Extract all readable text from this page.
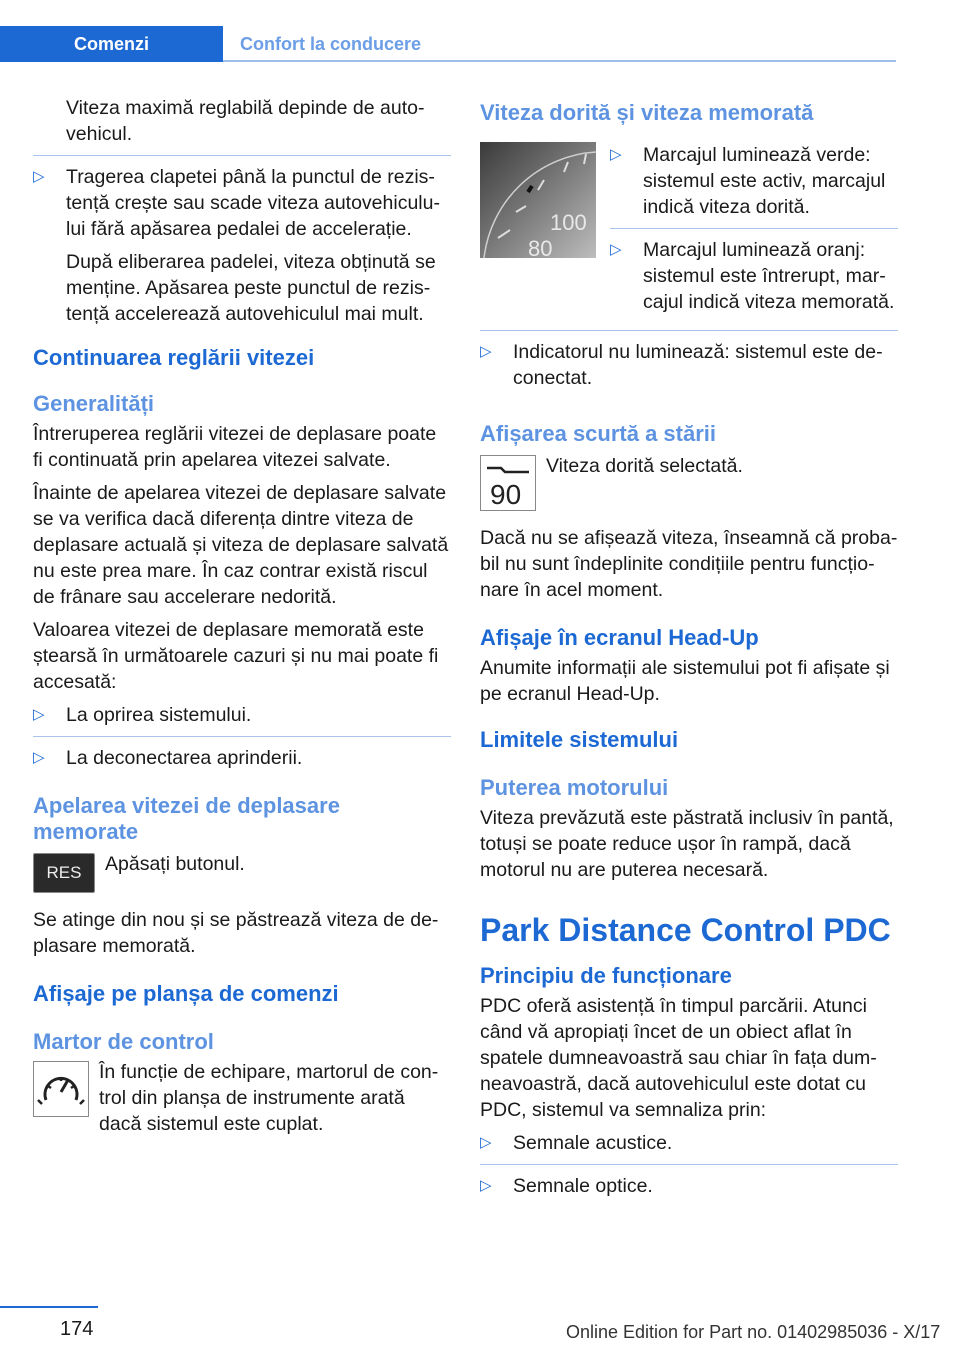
Comenzi	Confort la conducere

Viteza maximă reglabilă depinde de auto-vehicul.

▷ Tragerea clapetei până la punctul de rezis-tență crește sau scade viteza autovehiculu-lui fără apăsarea pedalei de accelerație.

După eliberarea padelei, viteza obținută se menține. Apăsarea peste punctul de rezis-tență accelerează autovehiculul mai mult.

Continuarea reglării vitezei
Generalități

Întreruperea reglării vitezei de deplasare poate fi continuată prin apelarea vitezei salvate.

Înainte de apelarea vitezei de deplasare salvate se va verifica dacă diferența dintre viteza de deplasare actuală și viteza de deplasare salvată nu este prea mare. În caz contrar există riscul de frânare sau accelerare nedorită.

Valoarea vitezei de deplasare memorată este ștearsă în următoarele cazuri și nu mai poate fi accesată:

▷ La oprirea sistemului.
▷ La deconectarea aprinderii.
Apelarea vitezei de deplasare memorate
RES	Apăsați butonul.

Se atinge din nou și se păstrează viteza de de-plasare memorată.

Afișaje pe planșa de comenzi
Martor de control
În funcție de echipare, martorul de con-trol din planșa de instrumente arată dacă sistemul este cuplat.
Viteza dorită și viteza memorată
100
80
▷ Marcajul luminează verde: sistemul este activ, marcajul indică viteza dorită.
▷ Marcajul luminează oranj: sistemul este întrerupt, mar-cajul indică viteza memorată.
▷ Indicatorul nu luminează: sistemul este de-conectat.
Afișarea scurtă a stării
90
Viteza dorită selectată.

Dacă nu se afișează viteza, înseamnă că proba-bil nu sunt îndeplinite condițiile pentru funcțio-nare în acel moment.

Afișaje în ecranul Head-Up

Anumite informații ale sistemului pot fi afișate și pe ecranul Head-Up.

Limitele sistemului
Puterea motorului

Viteza prevăzută este păstrată inclusiv în pantă, totuși se poate reduce ușor în rampă, dacă motorul nu are puterea necesară.

Park Distance Control PDC
Principiu de funcționare

PDC oferă asistență în timpul parcării. Atunci când vă apropiați încet de un obiect aflat în spatele dumneavoastră sau chiar în fața dum-neavoastră, dacă autovehiculul este dotat cu PDC, sistemul va semnaliza prin:

▷ Semnale acustice.
▷ Semnale optice.
174	Online Edition for Part no. 01402985036 - X/17
